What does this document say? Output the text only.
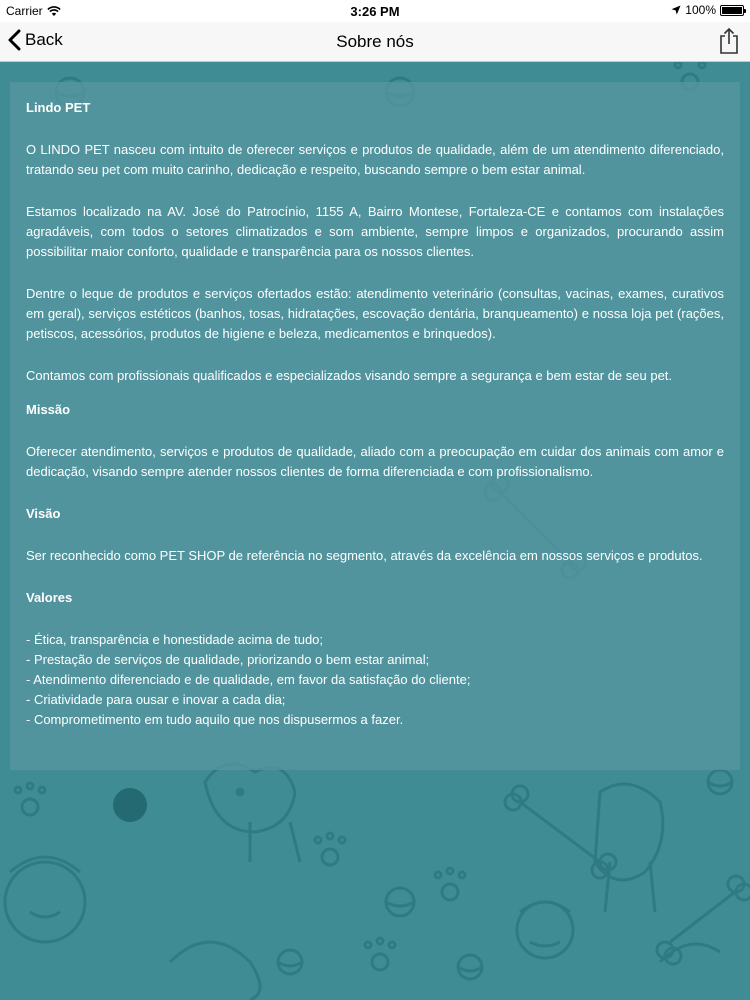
Carrier	3:26 PM	100%
Back	Sobre nós
Lindo PET

O LINDO PET nasceu com intuito de oferecer serviços e produtos de qualidade, além de um atendimento diferenciado, tratando seu pet com muito carinho, dedicação e respeito, buscando sempre o bem estar animal.

Estamos localizado na AV. José do Patrocínio, 1155 A, Bairro Montese, Fortaleza-CE e contamos com instalações agradáveis, com todos o setores climatizados e som ambiente, sempre limpos e organizados, procurando assim possibilitar maior conforto, qualidade e transparência para os nossos clientes.

Dentre o leque de produtos e serviços ofertados estão: atendimento veterinário (consultas, vacinas, exames, curativos em geral), serviços estéticos (banhos, tosas, hidratações, escovação dentária, branqueamento) e nossa loja pet (rações, petiscos, acessórios, produtos de higiene e beleza, medicamentos e brinquedos).

Contamos com profissionais qualificados e especializados visando sempre a segurança e bem estar de seu pet.

Missão

Oferecer atendimento, serviços e produtos de qualidade, aliado com a preocupação em cuidar dos animais com amor e dedicação, visando sempre atender nossos clientes de forma diferenciada e com profissionalismo.

Visão

Ser reconhecido como PET SHOP de referência no segmento, através da excelência em nossos serviços e produtos.

Valores
- Ética, transparência e honestidade acima de tudo;
- Prestação de serviços de qualidade, priorizando o bem estar animal;
- Atendimento diferenciado e de qualidade, em favor da satisfação do cliente;
- Criatividade para ousar e inovar a cada dia;
- Comprometimento em tudo aquilo que nos dispusermos a fazer.
